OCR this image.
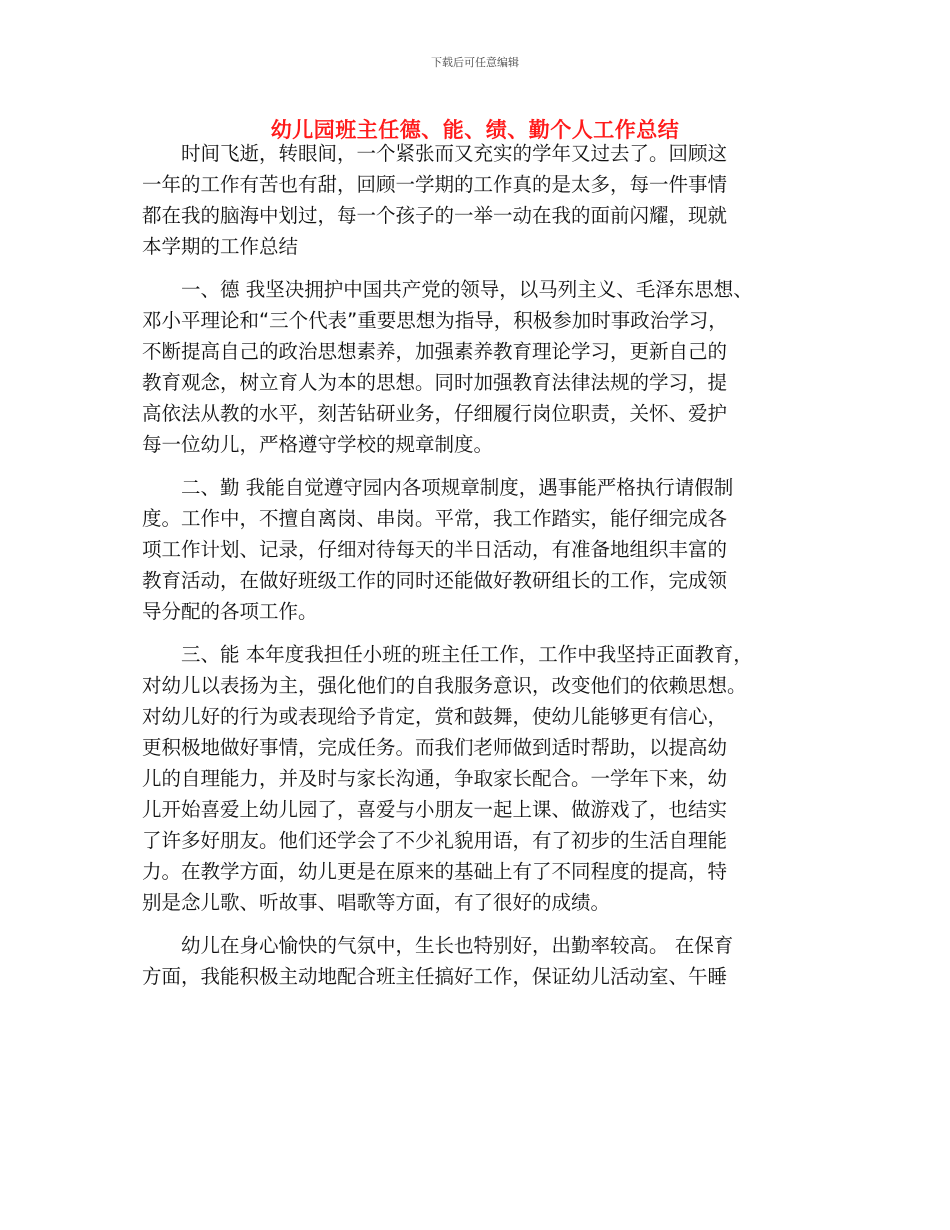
下载后可任意编辑
幼儿园班主任德、能、绩、勤个人工作总结
　　时间飞逝，转眼间，一个紧张而又充实的学年又过去了。回顾这
一年的工作有苦也有甜，回顾一学期的工作真的是太多，每一件事情
都在我的脑海中划过，每一个孩子的一举一动在我的面前闪耀，现就
本学期的工作总结
　　一、德 我坚决拥护中国共产党的领导，以马列主义、毛泽东思想、
邓小平理论和“三个代表”重要思想为指导，积极参加时事政治学习，
不断提高自己的政治思想素养，加强素养教育理论学习，更新自己的
教育观念，树立育人为本的思想。同时加强教育法律法规的学习，提
高依法从教的水平，刻苦钻研业务，仔细履行岗位职责，关怀、爱护
每一位幼儿，严格遵守学校的规章制度。
　　二、勤 我能自觉遵守园内各项规章制度，遇事能严格执行请假制
度。工作中，不擅自离岗、串岗。平常，我工作踏实，能仔细完成各
项工作计划、记录，仔细对待每天的半日活动，有准备地组织丰富的
教育活动，在做好班级工作的同时还能做好教研组长的工作，完成领
导分配的各项工作。
　　三、能 本年度我担任小班的班主任工作，工作中我坚持正面教育，
对幼儿以表扬为主，强化他们的自我服务意识，改变他们的依赖思想。
对幼儿好的行为或表现给予肯定，赏和鼓舞，使幼儿能够更有信心，
更积极地做好事情，完成任务。而我们老师做到适时帮助，以提高幼
儿的自理能力，并及时与家长沟通，争取家长配合。一学年下来，幼
儿开始喜爱上幼儿园了，喜爱与小朋友一起上课、做游戏了，也结实
了许多好朋友。他们还学会了不少礼貌用语，有了初步的生活自理能
力。在教学方面，幼儿更是在原来的基础上有了不同程度的提高，特
别是念儿歌、听故事、唱歌等方面，有了很好的成绩。
　　幼儿在身心愉快的气氛中，生长也特别好，出勤率较高。 在保育
方面，我能积极主动地配合班主任搞好工作，保证幼儿活动室、午睡
